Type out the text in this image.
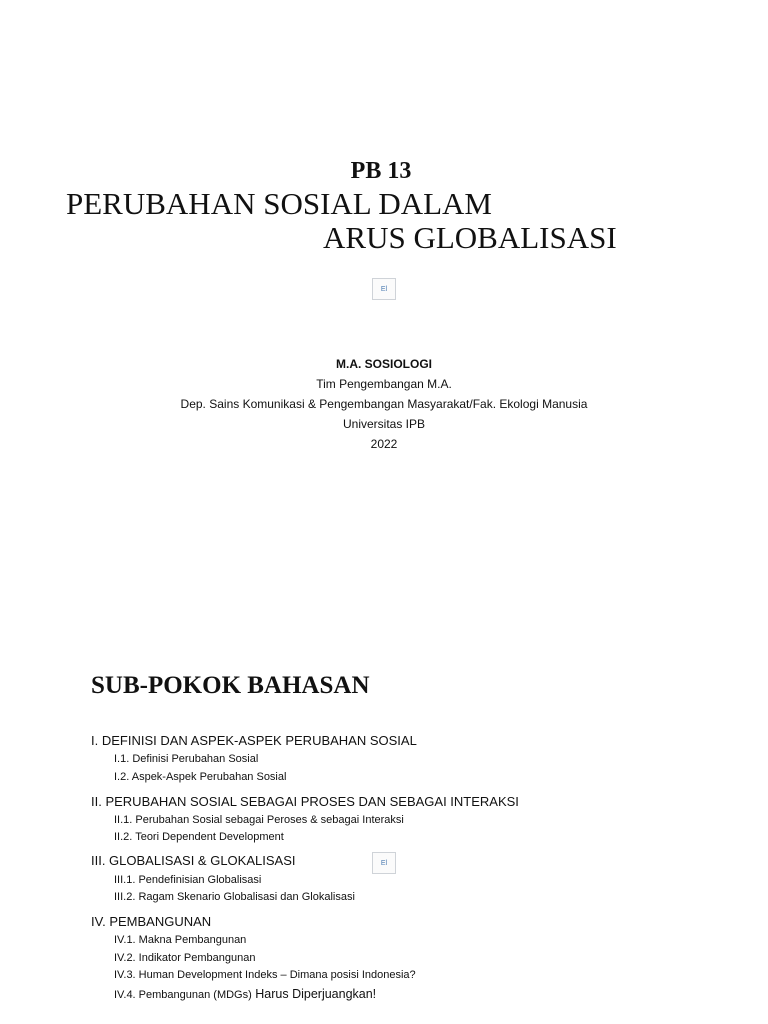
PB 13
PERUBAHAN SOSIAL DALAM
ARUS GLOBALISASI
El
M.A. SOSIOLOGI
Tim Pengembangan M.A.
Dep. Sains Komunikasi & Pengembangan Masyarakat/Fak. Ekologi Manusia
Universitas IPB
2022
SUB-POKOK BAHASAN
El
I. DEFINISI DAN ASPEK-ASPEK PERUBAHAN SOSIAL
I.1. Definisi Perubahan Sosial
I.2. Aspek-Aspek Perubahan Sosial
II. PERUBAHAN SOSIAL SEBAGAI PROSES DAN SEBAGAI INTERAKSI
II.1. Perubahan Sosial sebagai Peroses & sebagai Interaksi
II.2. Teori Dependent Development
III. GLOBALISASI & GLOKALISASI
III.1. Pendefinisian Globalisasi
III.2. Ragam Skenario Globalisasi dan Glokalisasi
IV. PEMBANGUNAN
IV.1. Makna Pembangunan
IV.2. Indikator Pembangunan
IV.3. Human Development Indeks – Dimana posisi Indonesia?
IV.4. Pembangunan (MDGs) Harus Diperjuangkan!
